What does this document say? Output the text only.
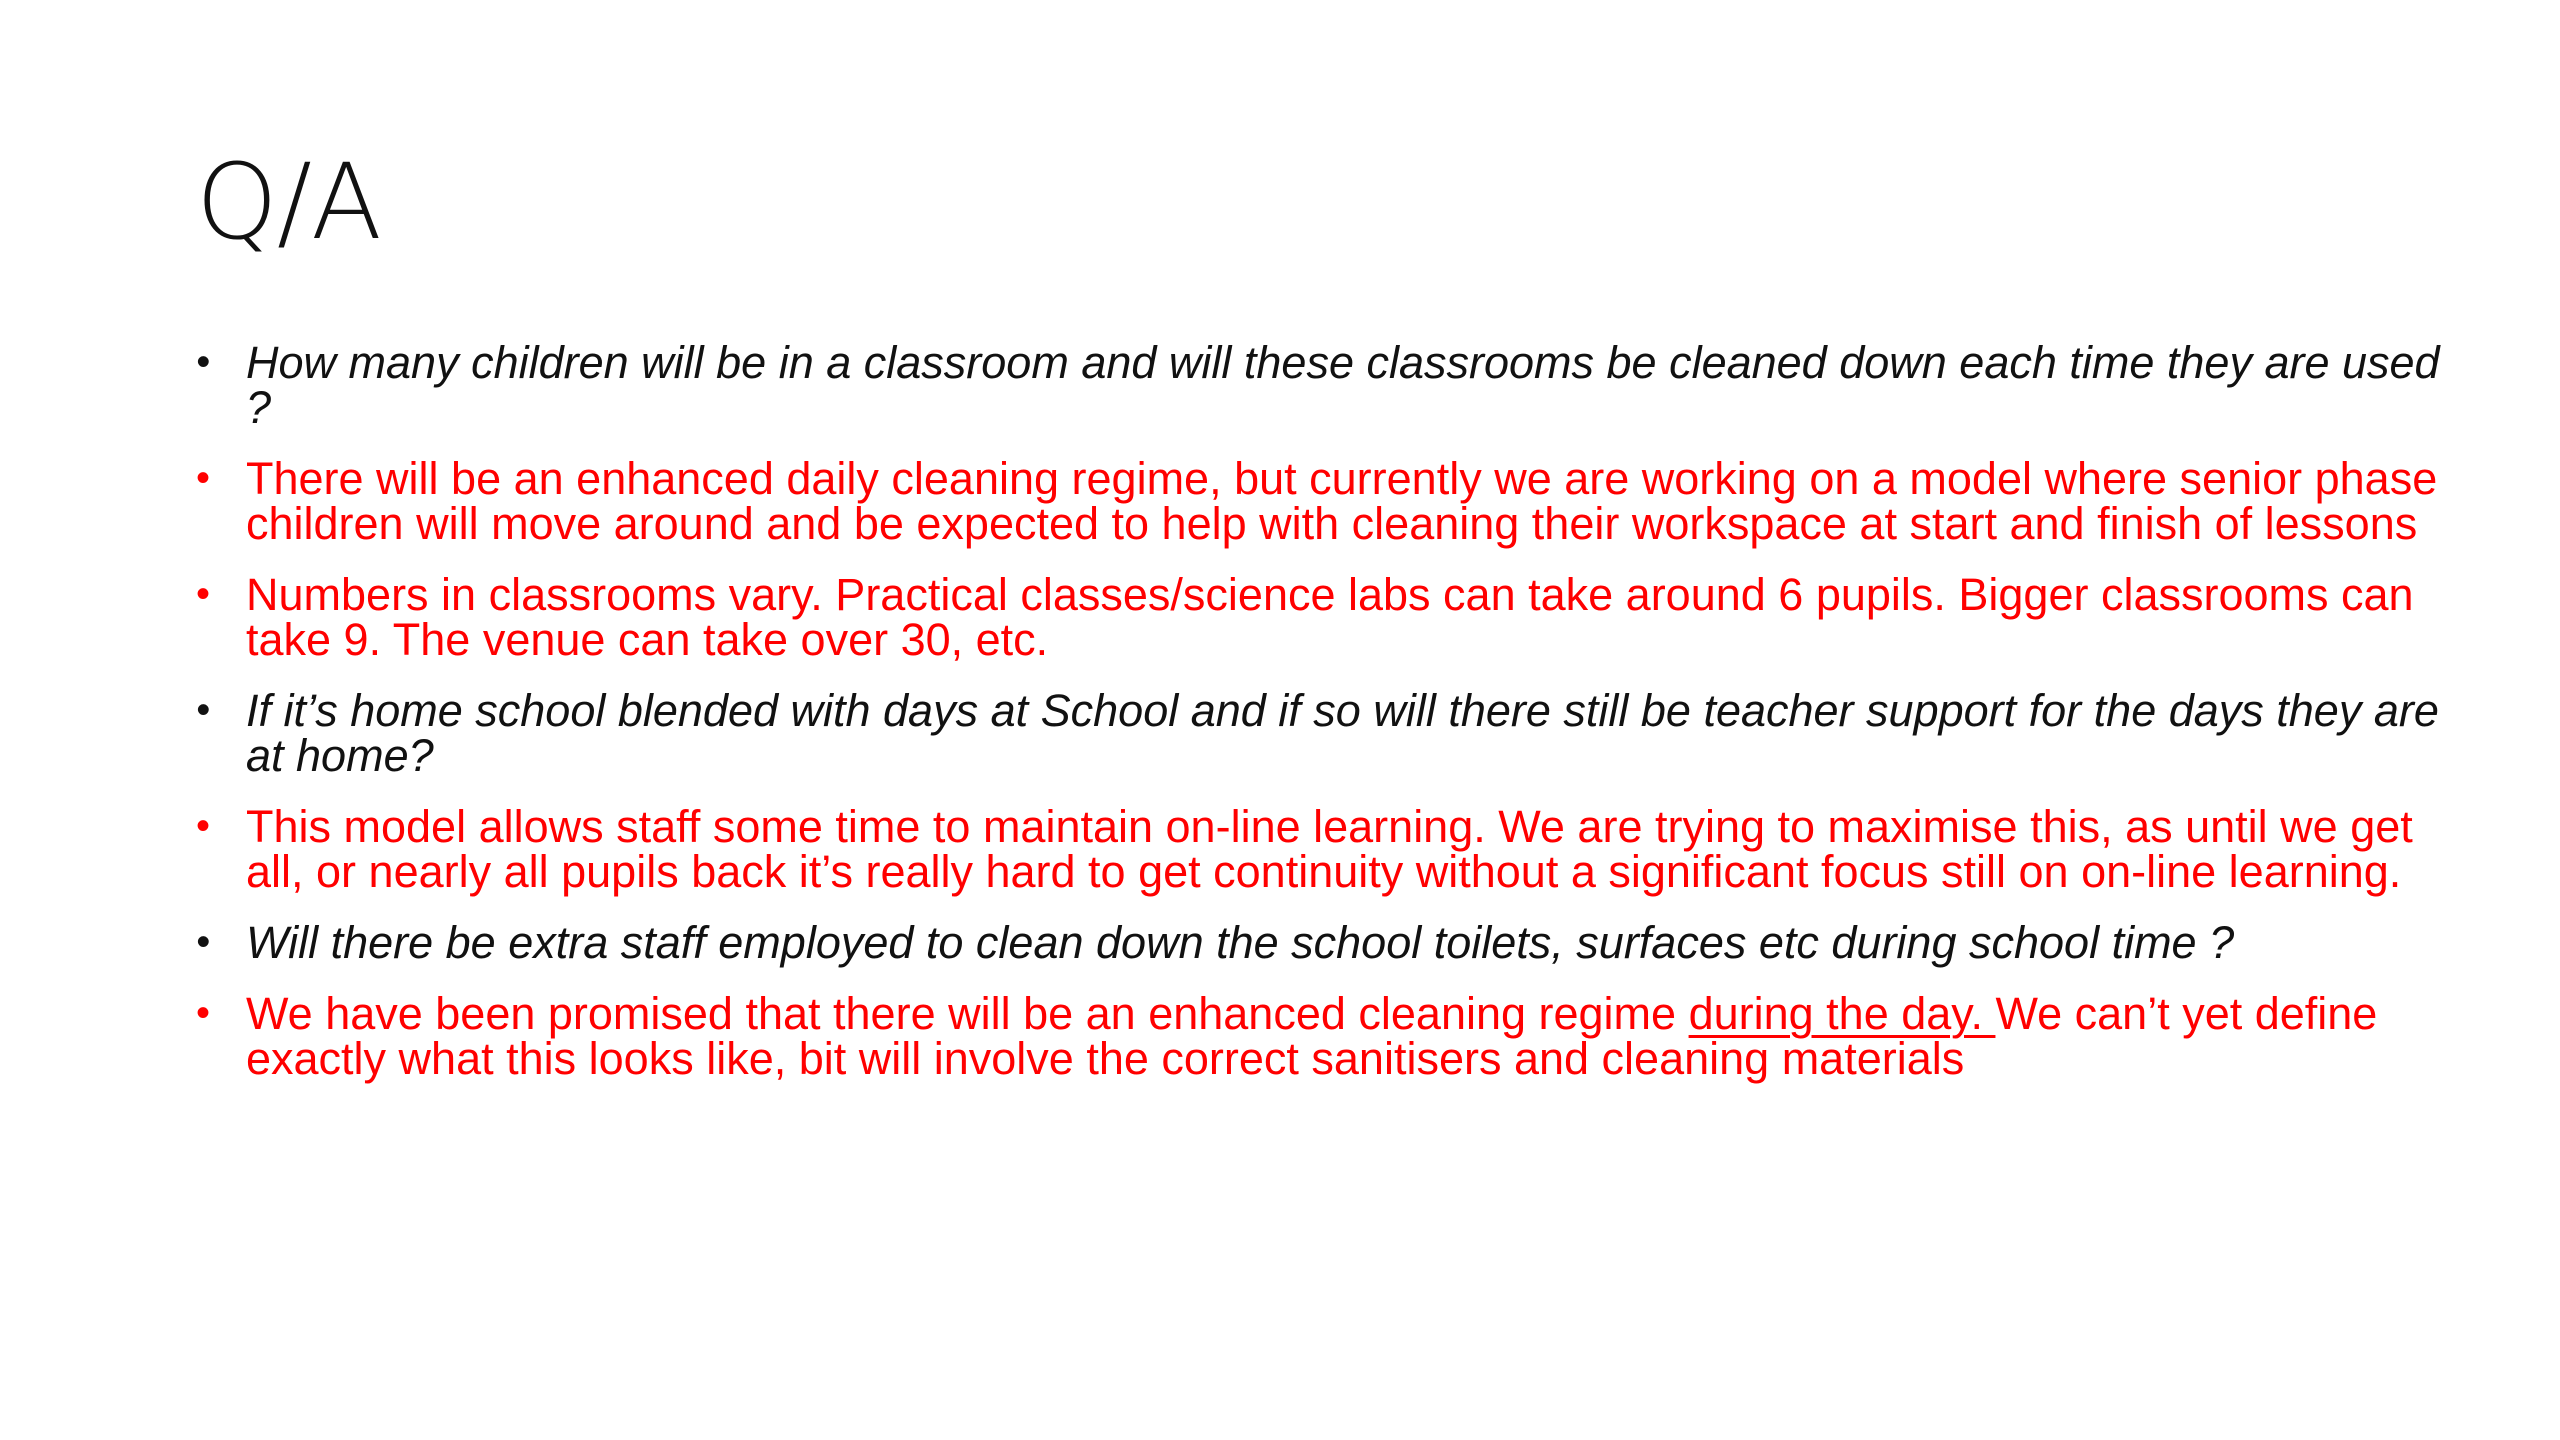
Q/A
• How many children will be in a classroom and will these classrooms be cleaned down each time they are used ?
• There will be an enhanced daily cleaning regime, but currently we are working on a model where senior phase children will move around and be expected to help with cleaning their workspace at start and finish of lessons
• Numbers in classrooms vary. Practical classes/science labs can take around 6 pupils. Bigger classrooms can take 9. The venue can take over 30, etc.
• If it’s home school blended with days at School and if so will there still be teacher support for the days they are at home?
• This model allows staff some time to maintain on-line learning. We are trying to maximise this, as until we get all, or nearly all pupils back it’s really hard to get continuity without a significant focus still on on-line learning.
• Will there be extra staff employed to clean down the school toilets, surfaces etc during school time ?
• We have been promised that there will be an enhanced cleaning regime during the day. We can’t yet define exactly what this looks like, bit will involve the correct sanitisers and cleaning materials
